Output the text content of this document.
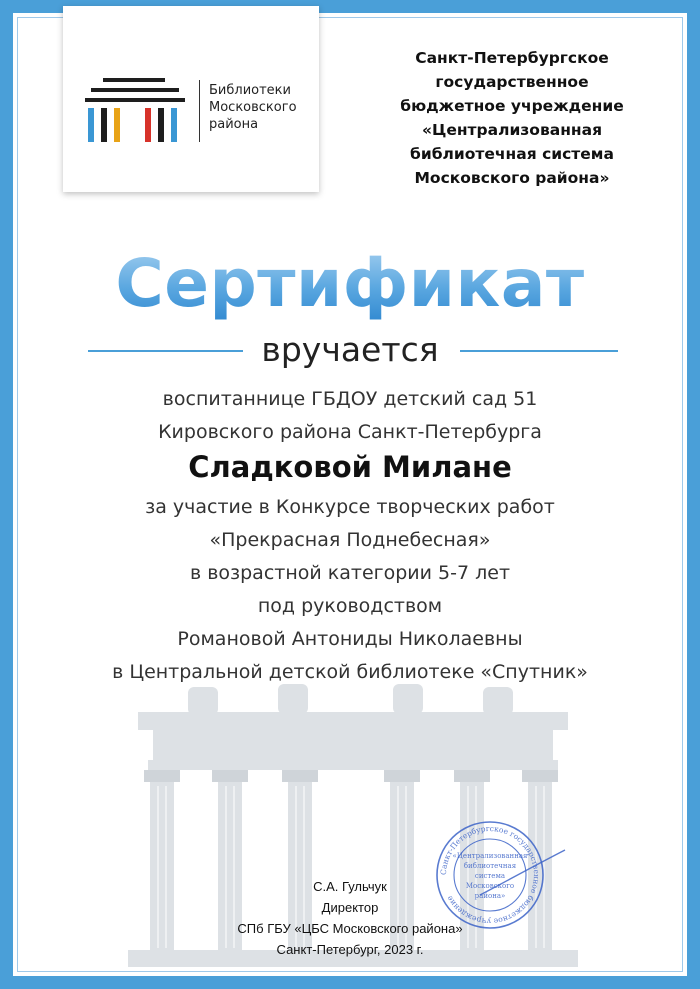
Библиотеки
Московского
района
Санкт-Петербургское
государственное
бюджетное учреждение
«Централизованная
библиотечная система
Московского района»
Сертификат
вручается
воспитаннице ГБДОУ детский сад 51
Кировского района Санкт-Петербурга
Сладковой Милане
за участие в Конкурсе творческих работ
«Прекрасная Поднебесная»
в возрастной категории 5-7 лет
под руководством
Романовой Антониды Николаевны
в Центральной детской библиотеке «Спутник»
Санкт-Петербургское государственное бюджетное учреждение
«Централизованная
библиотечная
система
Московского
района»
С.А. Гульчук
Директор
СПб ГБУ «ЦБС Московского района»
Санкт-Петербург, 2023 г.
